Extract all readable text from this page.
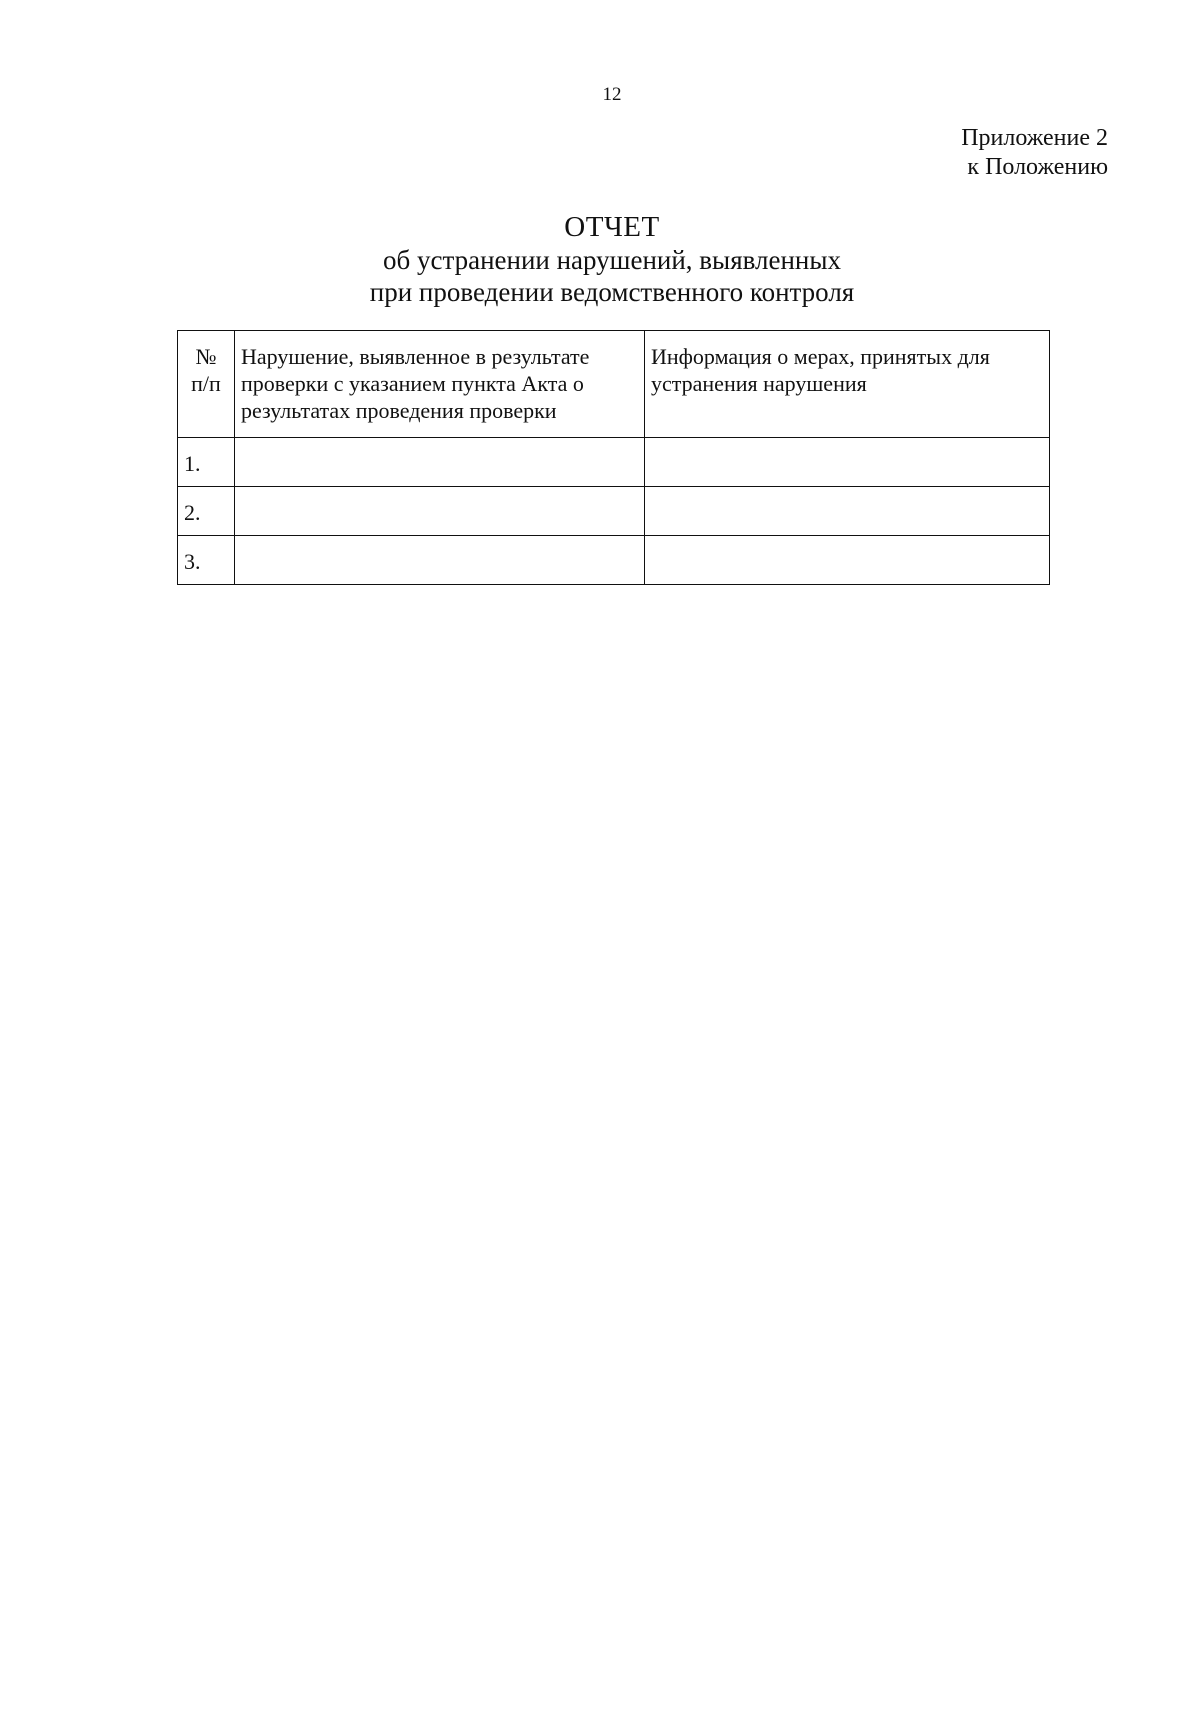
12
Приложение 2
к Положению
ОТЧЕТ
об устранении нарушений, выявленных
при проведении ведомственного контроля
№
п/п	Нарушение, выявленное в результате проверки с указанием пункта Акта о результатах проведения проверки	Информация о мерах, принятых для устранения нарушения
1.		
2.		
3.		
